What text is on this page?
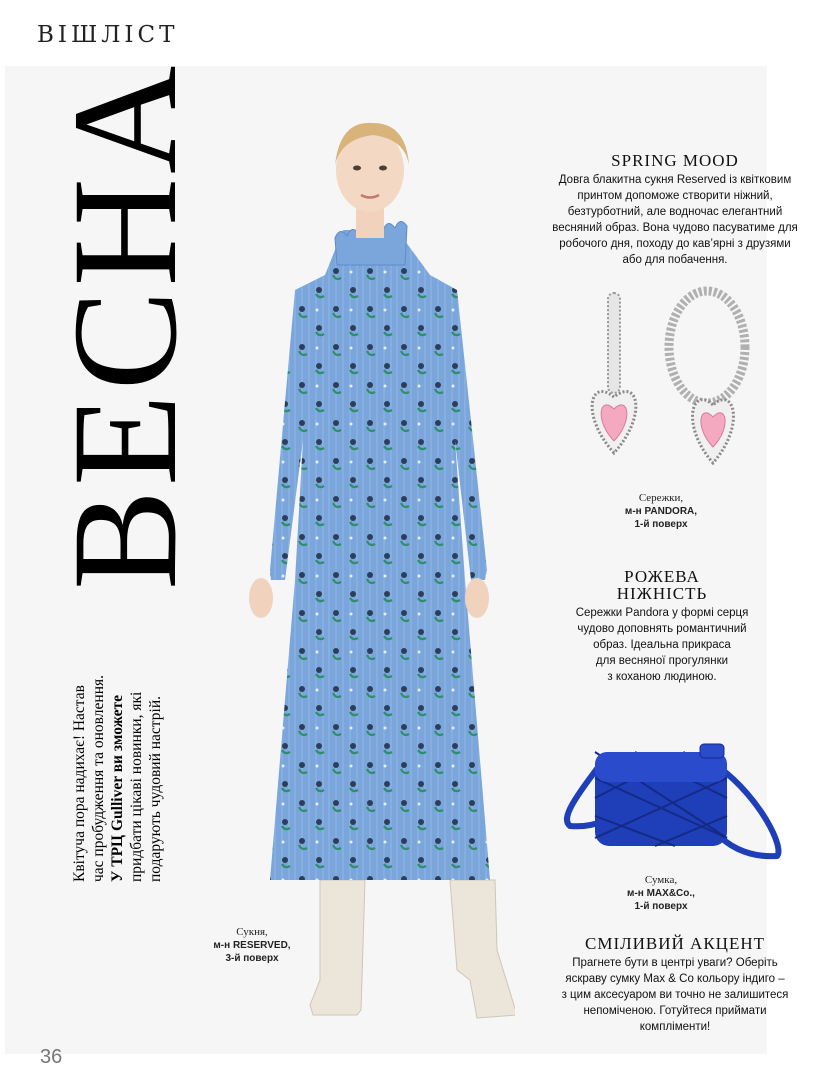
ВІШЛІСТ
ВЕСНА

Квітуча пора надихає! Настав час пробудження та оновлення. У ТРЦ Gulliver ви зможете придбати цікаві новинки, які подарують чудовий настрій.

Сукня,
м-н RESERVED,
3-й поверх
SPRING MOOD

Довга блакитна сукня Reserved із квітковим
принтом допоможе створити ніжний,
безтурботний, але водночас елегантний
весняний образ. Вона чудово пасуватиме для
робочого дня, походу до кав’ярні з друзями
або для побачення.

Сережки,
м-н PANDORA,
1-й поверх
РОЖЕВА
НІЖНІСТЬ

Сережки Pandora у формі серця
чудово доповнять романтичний
образ. Ідеальна прикраса
для весняної прогулянки
з коханою людиною.

Сумка,
м-н MAX&Co.,
1-й поверх
СМІЛИВИЙ АКЦЕНТ

Прагнете бути в центрі уваги? Оберіть
яскраву сумку Max & Co кольору індиго –
з цим аксесуаром ви точно не залишитеся
непоміченою. Готуйтеся приймати
компліменти!

36
